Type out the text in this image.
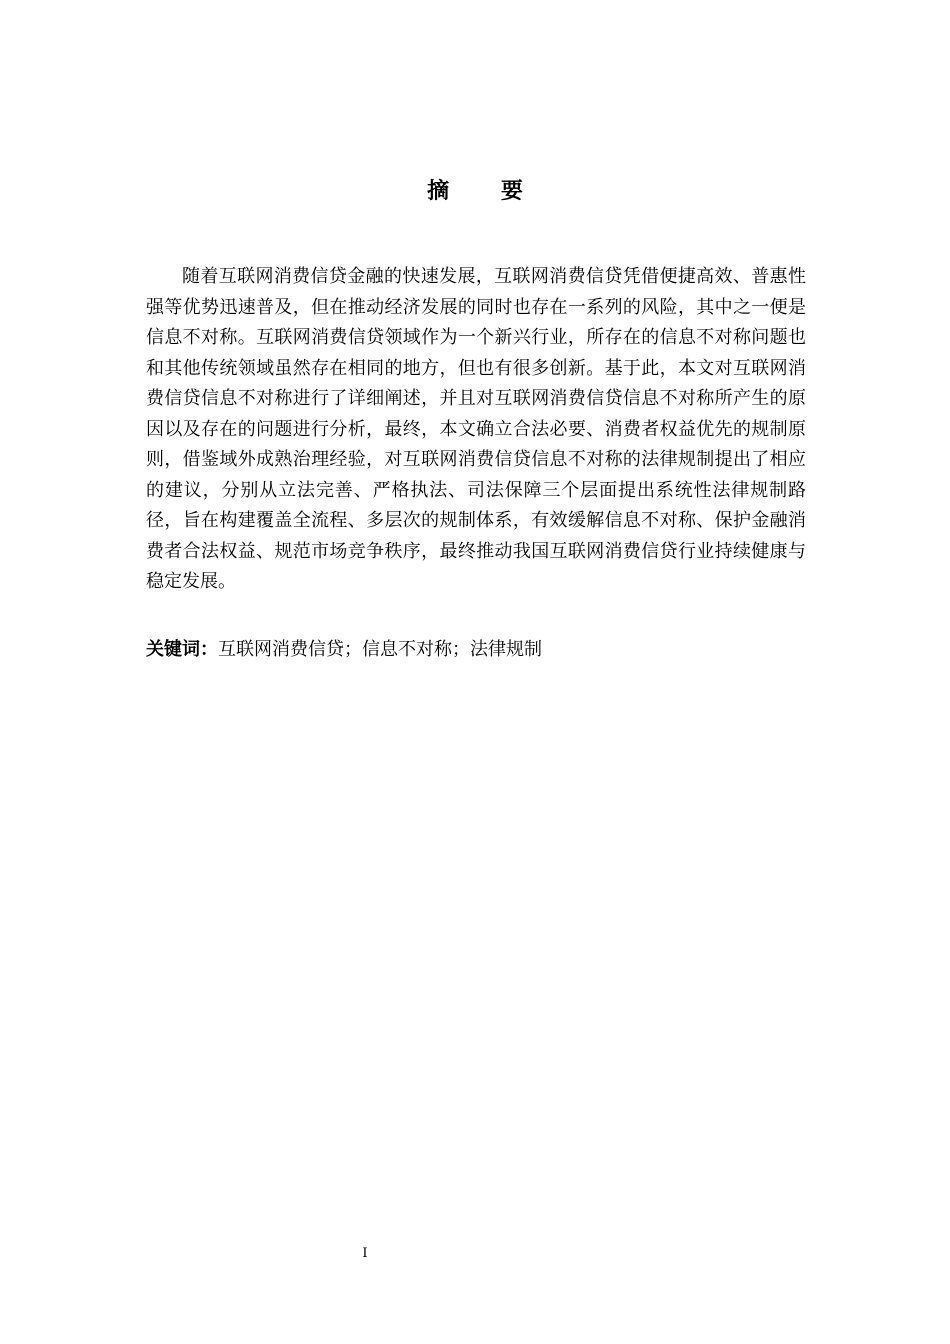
摘 要

随着互联网消费信贷金融的快速发展，互联网消费信贷凭借便捷高效、普惠性强等优势迅速普及，但在推动经济发展的同时也存在一系列的风险，其中之一便是信息不对称。互联网消费信贷领域作为一个新兴行业，所存在的信息不对称问题也和其他传统领域虽然存在相同的地方，但也有很多创新。基于此，本文对互联网消费信贷信息不对称进行了详细阐述，并且对互联网消费信贷信息不对称所产生的原因以及存在的问题进行分析，最终，本文确立合法必要、消费者权益优先的规制原则，借鉴域外成熟治理经验，对互联网消费信贷信息不对称的法律规制提出了相应的建议，分别从立法完善、严格执法、司法保障三个层面提出系统性法律规制路径，旨在构建覆盖全流程、多层次的规制体系，有效缓解信息不对称、保护金融消费者合法权益、规范市场竞争秩序，最终推动我国互联网消费信贷行业持续健康与稳定发展。

关键词：互联网消费信贷；信息不对称；法律规制

I
